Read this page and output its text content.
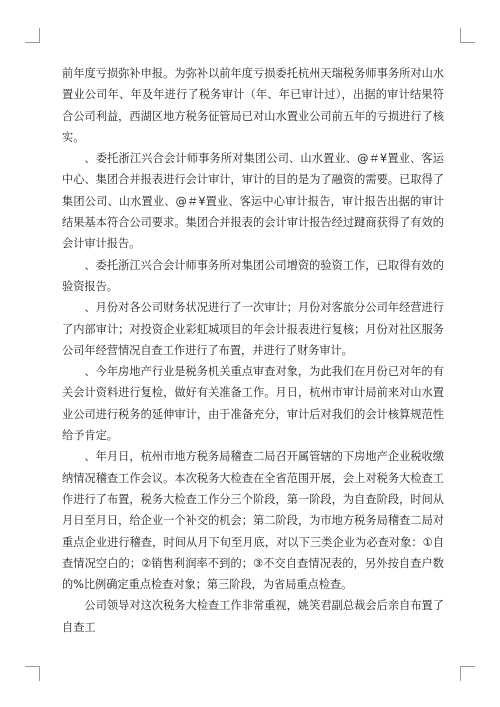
前年度亏损弥补申报。为弥补以前年度亏损委托杭州天瑞税务师事务所对山水置业公司年、年及年进行了税务审计（年、年已审计过），出据的审计结果符合公司利益，西湖区地方税务征管局已对山水置业公司前五年的亏损进行了核实。

、委托浙江兴合会计师事务所对集团公司、山水置业、@＃¥置业、客运中心、集团合并报表进行会计审计，审计的目的是为了融资的需要。已取得了集团公司、山水置业、@＃¥置业、客运中心审计报告，审计报告出据的审计结果基本符合公司要求。集团合并报表的会计审计报告经过踺商获得了有效的会计审计报告。

、委托浙江兴合会计师事务所对集团公司增资的验资工作，已取得有效的验资报告。

、月份对各公司财务状况进行了一次审计；月份对客旅分公司年经营进行了内部审计；对投资企业彩虹城项目的年会计报表进行复核；月份对社区服务公司年经营情况自查工作进行了布置，并进行了财务审计。

、今年房地产行业是税务机关重点审查对象，为此我们在月份已对年的有关会计资料进行复检，做好有关准备工作。月日，杭州市审计局前来对山水置业公司进行税务的延伸审计，由于准备充分，审计后对我们的会计核算规范性给予肯定。

、年月日，杭州市地方税务局稽查二局召开属管辖的下房地产企业税收缴纳情况稽查工作会议。本次税务大检查在全省范围开展，会上对税务大检查工作进行了布置，税务大检查工作分三个阶段，第一阶段，为自查阶段，时间从月日至月日，给企业一个补交的机会；第二阶段，为市地方税务局稽查二局对重点企业进行稽查，时间从月下旬至月底，对以下三类企业为必查对象：①自查情况空白的；②销售利润率不到的；③不交自查情况表的，另外按自查户数的%比例确定重点检查对象；第三阶段，为省局重点检查。

公司领导对这次税务大检查工作非常重视，姚笑君副总裁会后亲自布置了自查工
